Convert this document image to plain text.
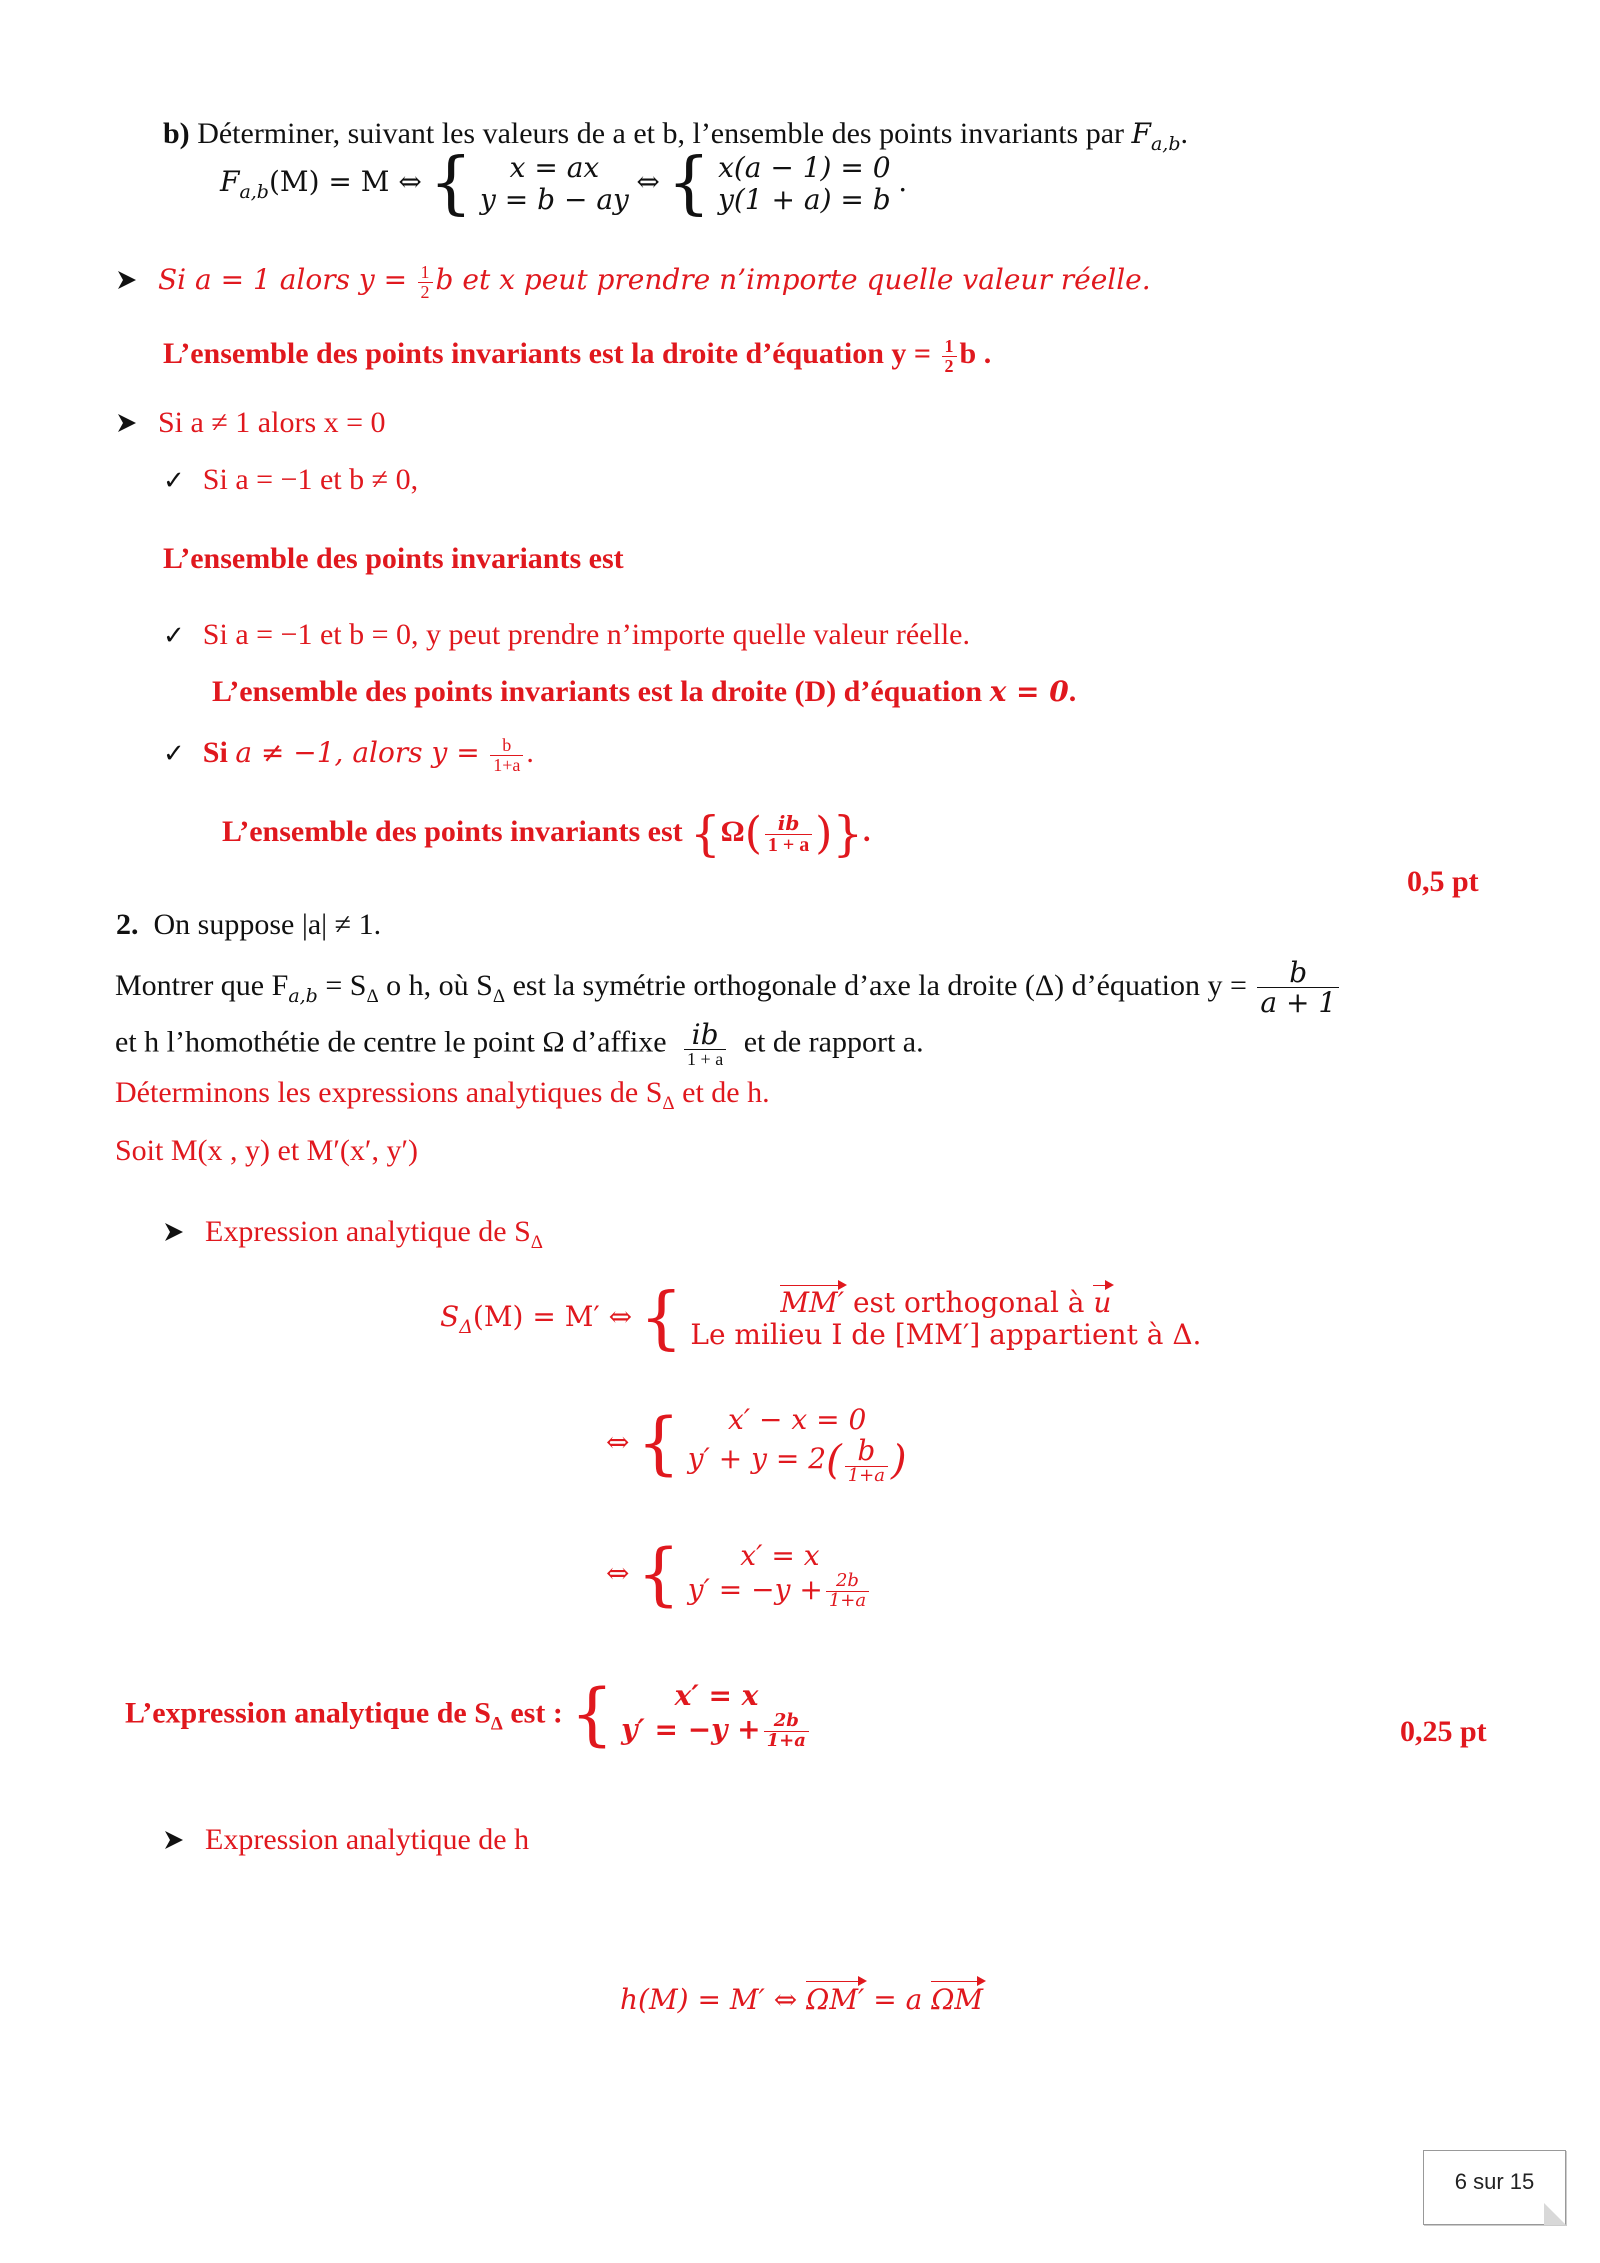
b) Déterminer, suivant les valeurs de a et b, l’ensemble des points invariants par $F_{a,b}$.
$F_{a,b}(M) = M$ ⇔ {	x = ax
y = b − ay
⇔ { x(a − 1) = 0
y(1 + a) = b
.
Si a = 1 alors $y = \frac{1}{2}$ b et x peut prendre n’importe quelle valeur réelle.
L’ensemble des points invariants est la droite d’équation $y = \frac{1}{2}$ b .
Si a ≠ 1 alors x = 0
✓ Si a = −1 et b ≠ 0,
L’ensemble des points invariants est
✓ Si a = −1 et b = 0, y peut prendre n’importe quelle valeur réelle.
L’ensemble des points invariants est la droite (D) d’équation x = 0.
✓ Si a ≠ −1, alors $y = \frac{b}{1+a}$ .
L’ensemble des points invariants est {$\Omega( \frac{ib}{1 + a}$ )}.
0,5 pt
2. On suppose |a| ≠ 1.
Montrer que $F_{a,b} = S_\Delta$ o h, où $S_\Delta$ est la symétrie orthogonale d’axe la droite (Δ) d’équation $y = \frac{b}{a + 1}$
et h l’homothétie de centre le point Ω d’affixe $\frac{ib}{1 + a}$ et de rapport a.
Déterminons les expressions analytiques de $S_\Delta$ et de h.
Soit M(x , y) et M′(x′, y′)
Expression analytique de $S_\Delta$
$S_\Delta(M) = M'$ ⇔ {	MM′ est orthogonal à u
Le milieu I de [MM′] appartient à Δ.
⇔ {	x′ − x = 0
$y' + y = 2( \frac{b}{1+a}$ )
⇔ {	x′ = x
$y' = -y + \frac{2b}{1+a}$
L’expression analytique de $S_\Delta$ est : {	x′ = x
$y' = -y + \frac{2b}{1+a}$	0,25 pt
Expression analytique de h
h(M) = M′ ⇔ ΩM′ = a ΩM
6 sur 15
